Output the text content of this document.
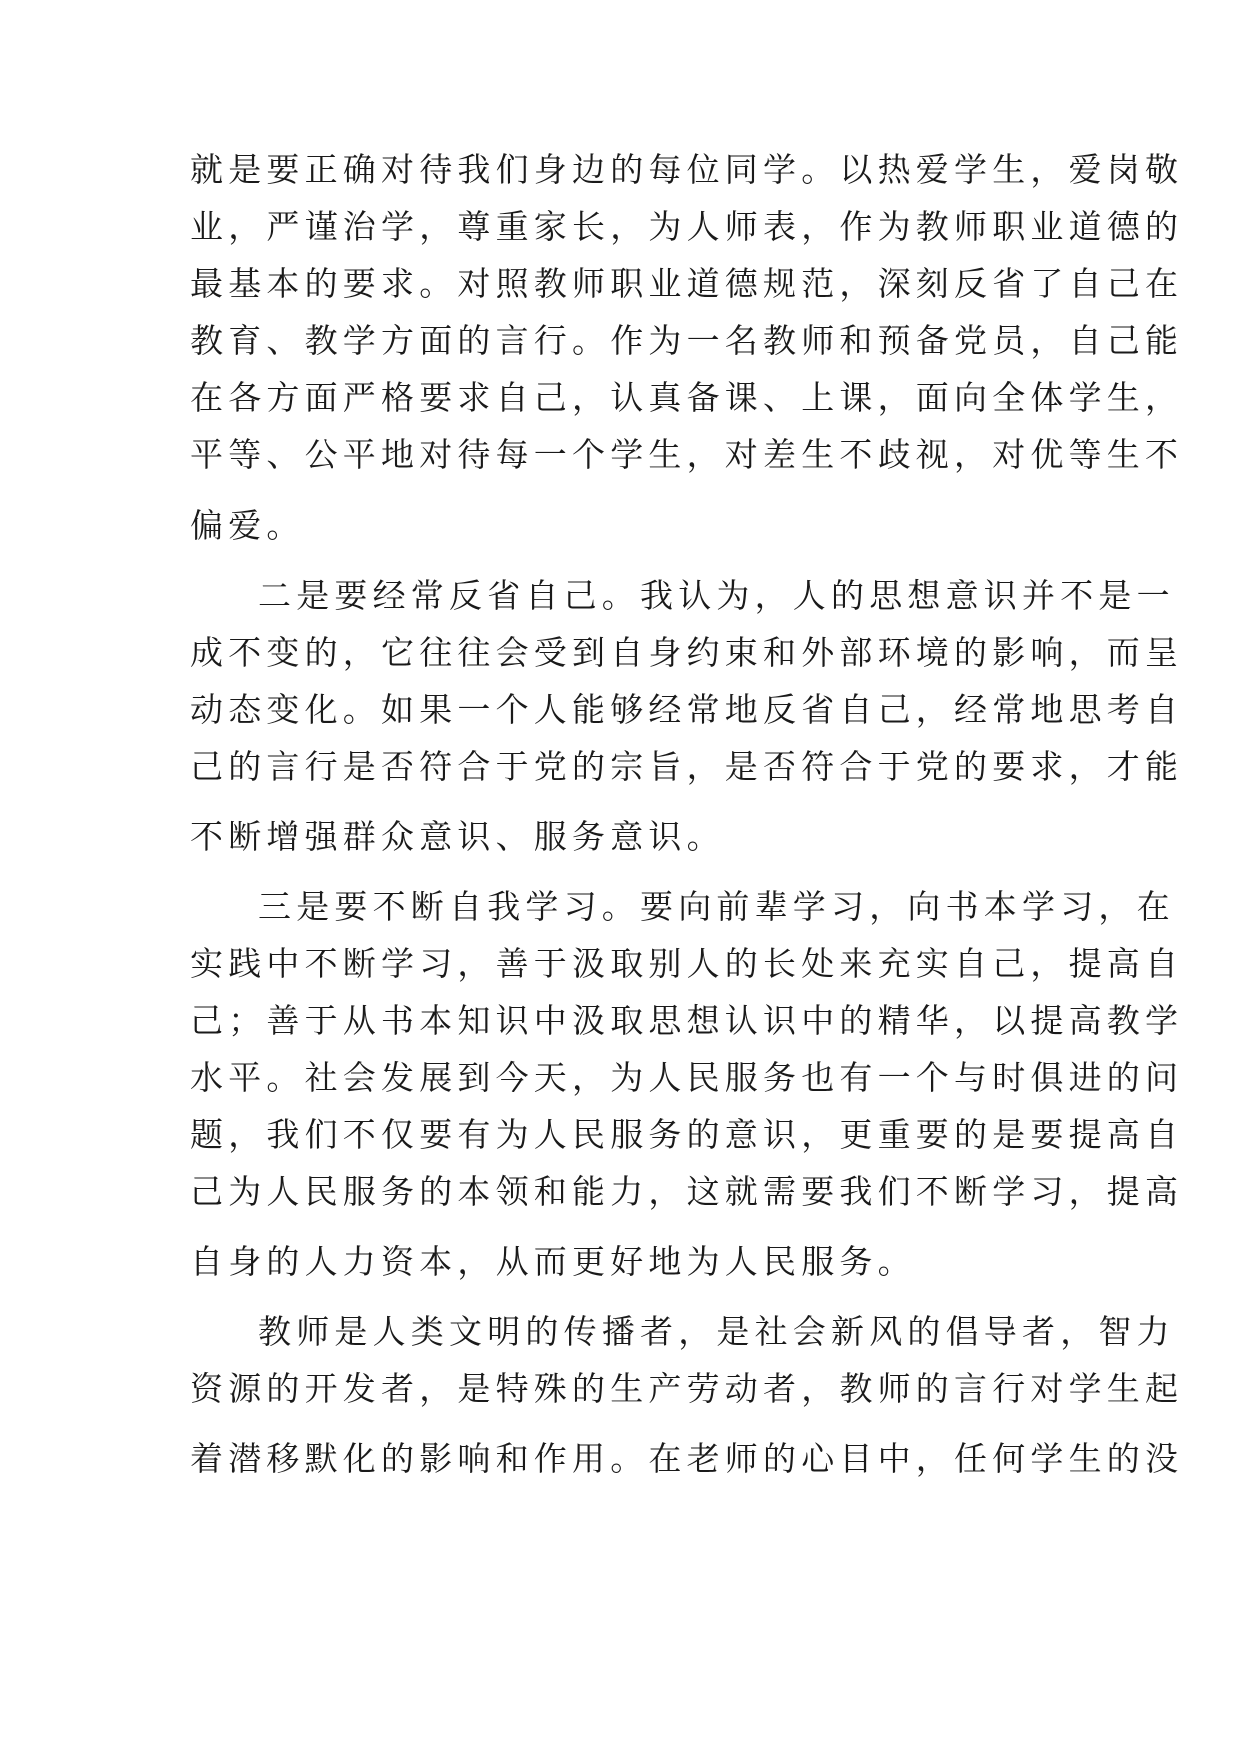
就是要正确对待我们身边的每位同学。以热爱学生，爱岗敬
业，严谨治学，尊重家长，为人师表，作为教师职业道德的
最基本的要求。对照教师职业道德规范，深刻反省了自己在
教育、教学方面的言行。作为一名教师和预备党员，自己能
在各方面严格要求自己，认真备课、上课，面向全体学生，
平等、公平地对待每一个学生，对差生不歧视，对优等生不
偏爱。
二是要经常反省自己。我认为，人的思想意识并不是一
成不变的，它往往会受到自身约束和外部环境的影响，而呈
动态变化。如果一个人能够经常地反省自己，经常地思考自
己的言行是否符合于党的宗旨，是否符合于党的要求，才能
不断增强群众意识、服务意识。
三是要不断自我学习。要向前辈学习，向书本学习，在
实践中不断学习，善于汲取别人的长处来充实自己，提高自
己；善于从书本知识中汲取思想认识中的精华，以提高教学
水平。社会发展到今天，为人民服务也有一个与时俱进的问
题，我们不仅要有为人民服务的意识，更重要的是要提高自
己为人民服务的本领和能力，这就需要我们不断学习，提高
自身的人力资本，从而更好地为人民服务。
教师是人类文明的传播者，是社会新风的倡导者，智力
资源的开发者，是特殊的生产劳动者，教师的言行对学生起
着潜移默化的影响和作用。在老师的心目中，任何学生的没
